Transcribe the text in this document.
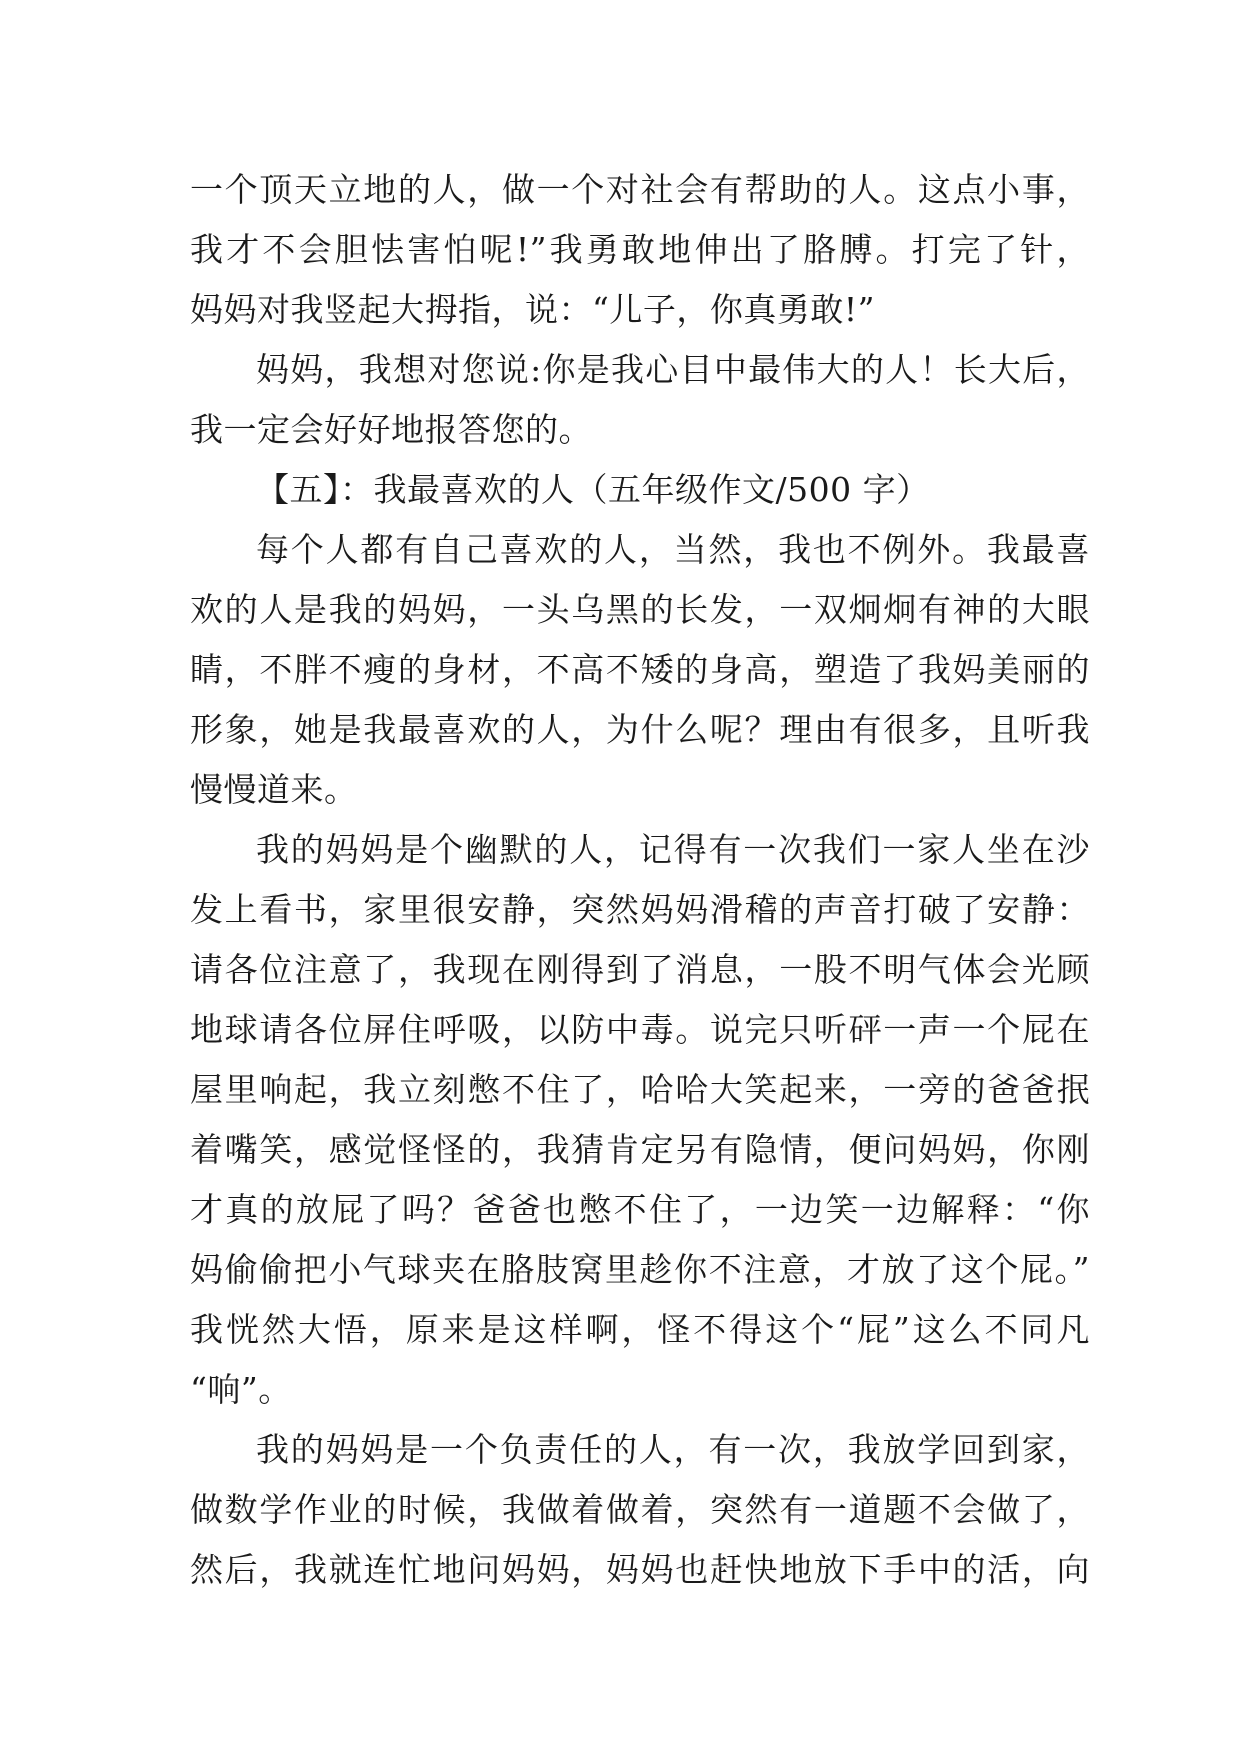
一个顶天立地的人，做一个对社会有帮助的人。这点小事，
我才不会胆怯害怕呢!”我勇敢地伸出了胳膊。打完了针，
妈妈对我竖起大拇指，说：“儿子，你真勇敢!”
妈妈，我想对您说:你是我心目中最伟大的人！长大后，
我一定会好好地报答您的。
【五】：我最喜欢的人（五年级作文/500 字）
每个人都有自己喜欢的人，当然，我也不例外。我最喜
欢的人是我的妈妈，一头乌黑的长发，一双炯炯有神的大眼
睛，不胖不瘦的身材，不高不矮的身高，塑造了我妈美丽的
形象，她是我最喜欢的人，为什么呢？理由有很多，且听我
慢慢道来。
我的妈妈是个幽默的人，记得有一次我们一家人坐在沙
发上看书，家里很安静，突然妈妈滑稽的声音打破了安静：
请各位注意了，我现在刚得到了消息，一股不明气体会光顾
地球请各位屏住呼吸，以防中毒。说完只听砰一声一个屁在
屋里响起，我立刻憋不住了，哈哈大笑起来，一旁的爸爸抿
着嘴笑，感觉怪怪的，我猜肯定另有隐情，便问妈妈，你刚
才真的放屁了吗？爸爸也憋不住了，一边笑一边解释：“你
妈偷偷把小气球夹在胳肢窝里趁你不注意，才放了这个屁。”
我恍然大悟，原来是这样啊，怪不得这个“屁”这么不同凡
“响”。
我的妈妈是一个负责任的人，有一次，我放学回到家，
做数学作业的时候，我做着做着，突然有一道题不会做了，
然后，我就连忙地问妈妈，妈妈也赶快地放下手中的活，向
